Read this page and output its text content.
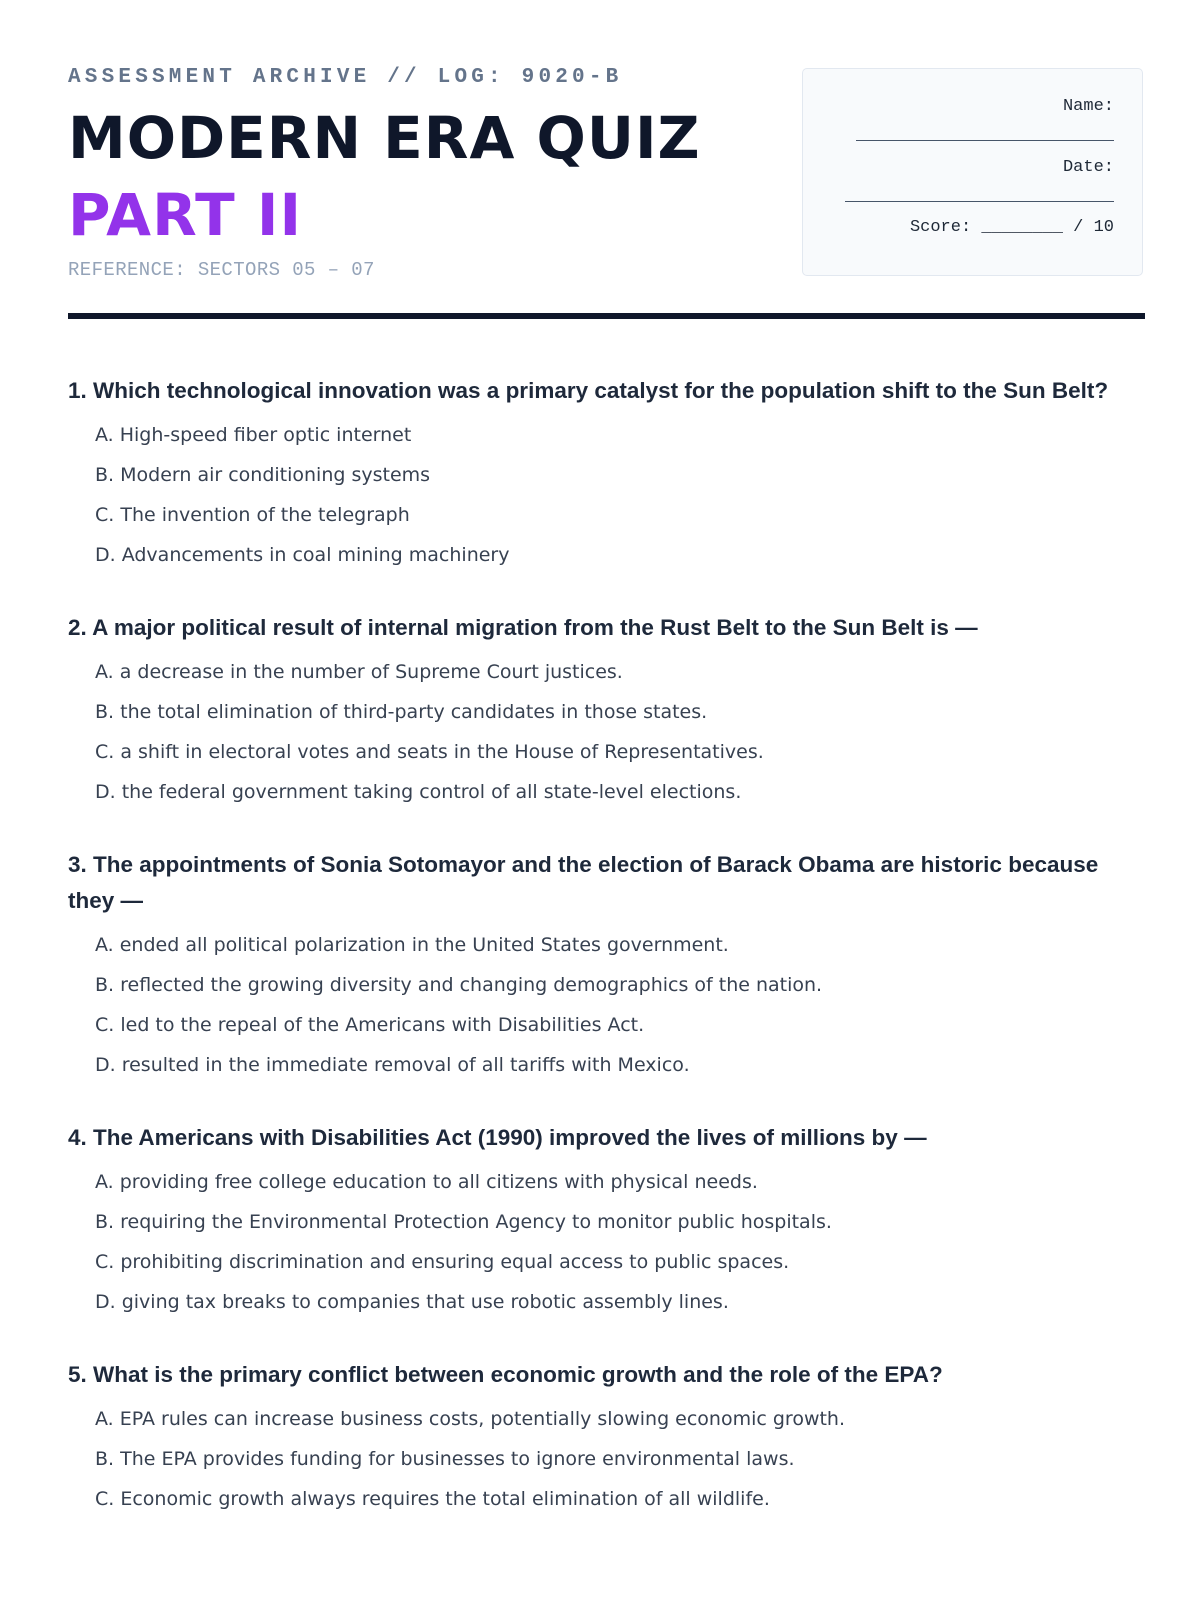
ASSESSMENT ARCHIVE // LOG: 9020-B
MODERN ERA QUIZ
PART II
REFERENCE: SECTORS 05 – 07
Name:
Date:
Score: ________ / 10

1. Which technological innovation was a primary catalyst for the population shift to the Sun Belt?

A. High-speed fiber optic internet
B. Modern air conditioning systems
C. The invention of the telegraph
D. Advancements in coal mining machinery

2. A major political result of internal migration from the Rust Belt to the Sun Belt is —

A. a decrease in the number of Supreme Court justices.
B. the total elimination of third-party candidates in those states.
C. a shift in electoral votes and seats in the House of Representatives.
D. the federal government taking control of all state-level elections.

3. The appointments of Sonia Sotomayor and the election of Barack Obama are historic because they —

A. ended all political polarization in the United States government.
B. reflected the growing diversity and changing demographics of the nation.
C. led to the repeal of the Americans with Disabilities Act.
D. resulted in the immediate removal of all tariffs with Mexico.

4. The Americans with Disabilities Act (1990) improved the lives of millions by —

A. providing free college education to all citizens with physical needs.
B. requiring the Environmental Protection Agency to monitor public hospitals.
C. prohibiting discrimination and ensuring equal access to public spaces.
D. giving tax breaks to companies that use robotic assembly lines.

5. What is the primary conflict between economic growth and the role of the EPA?

A. EPA rules can increase business costs, potentially slowing economic growth.
B. The EPA provides funding for businesses to ignore environmental laws.
C. Economic growth always requires the total elimination of all wildlife.
